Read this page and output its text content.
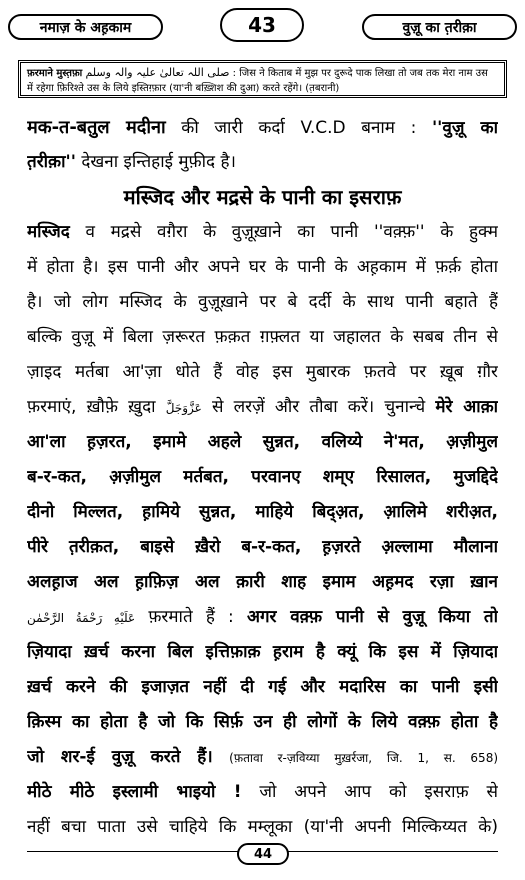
नमाज़ के अह़काम	43	वुज़ू का त़रीक़ा
फ़रमाने मुस्त़फ़ा صلی اللہ تعالیٰ علیہ والہ وسلم : जिस ने किताब में मुझ पर दुरूदे पाक लिखा तो जब तक मेरा नाम उस
में रहेगा फ़िरिश्ते उस के लिये इस्तिग़्फ़ार (या'नी बख़्शिश की दुआ) करते रहेंगे। (त़बरानी)
मक-त-बतुल मदीना की जारी कर्दा V.C.D बनाम : ''वुज़ू का
त़रीक़ा'' देखना इन्तिहाई मुफ़ीद है।
मस्जिद और मद्रसे के पानी का इसराफ़
मस्जिद व मद्रसे वग़ैरा के वुज़ूख़ाने का पानी ''वक़्फ़'' के हुक्म
में होता है। इस पानी और अपने घर के पानी के अह़काम में फ़र्क़ होता
है। जो लोग मस्जिद के वुज़ूख़ाने पर बे दर्दी के साथ पानी बहाते हैं
बल्कि वुज़ू में बिला ज़रूरत फ़क़त ग़फ़्लत या जहालत के सबब तीन से
ज़ाइद मर्तबा आ'ज़ा धोते हैं वोह इस मुबारक फ़तवे पर ख़ूब ग़ौर
फ़रमाएं, ख़ौफ़े ख़ुदा عَزَّوَجَلَّ से लरज़ें और तौबा करें। चुनान्चे मेरे आक़ा
आ'ला ह़ज़रत, इमामे अहले सुन्नत, वलिय्ये ने'मत, अ़ज़ीमुल
ब-र-कत, अ़ज़ीमुल मर्तबत, परवानए शम्ए रिसालत, मुजद्दिदे
दीनो मिल्लत, ह़ामिये सुन्नत, माहिये बिद्अ़त, आ़लिमे शरीअ़त,
पीरे त़रीक़त, बाइसे ख़ैरो ब-र-कत, ह़ज़रते अ़ल्लामा मौलाना
अलह़ाज अल ह़ाफ़िज़ अल क़ारी शाह इमाम अह़मद रज़ा ख़ान
عَلَيْهِ رَحْمَةُ الرَّحْمٰن फ़रमाते हैं : अगर वक़्फ़ पानी से वुज़ू किया तो
ज़ियादा ख़र्च करना बिल इत्तिफ़ाक़ ह़राम है क्यूं कि इस में ज़ियादा
ख़र्च करने की इजाज़त नहीं दी गई और मदारिस का पानी इसी
क़िस्म का होता है जो कि सिर्फ़ उन ही लोगों के लिये वक़्फ़ होता है
जो शर-ई वुज़ू करते हैं। (फ़तावा र-ज़विय्या मुख़र्रजा, जि. 1, स. 658)
मीठे मीठे इस्लामी भाइयो ! जो अपने आप को इसराफ़ से
नहीं बचा पाता उसे चाहिये कि मम्लूका (या'नी अपनी मिल्किय्यत के)
44
